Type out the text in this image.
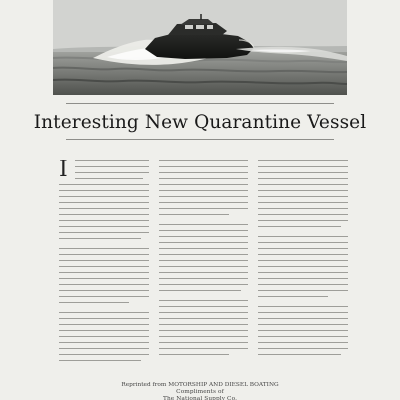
Interesting New Quarantine Vessel
I
Reprinted from MOTORSHIP AND DIESEL BOATING
Compliments of
The National Supply Co.
